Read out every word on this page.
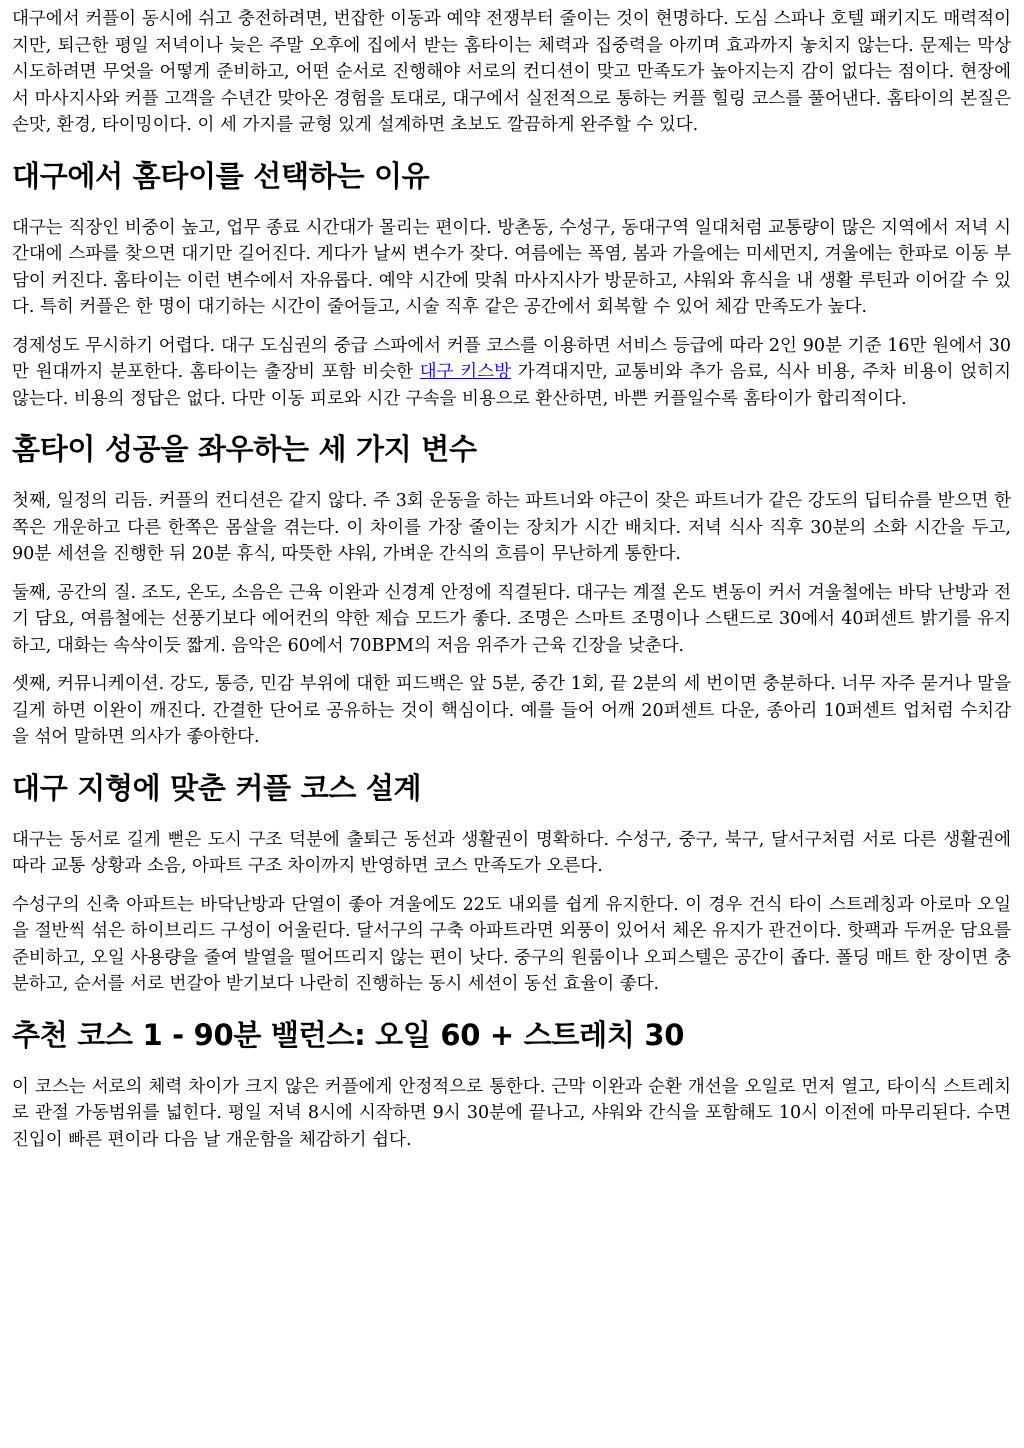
대구에서 커플이 동시에 쉬고 충전하려면, 번잡한 이동과 예약 전쟁부터 줄이는 것이 현명하다. 도심 스파나 호텔 패키지도 매력적이지만, 퇴근한 평일 저녁이나 늦은 주말 오후에 집에서 받는 홈타이는 체력과 집중력을 아끼며 효과까지 놓치지 않는다. 문제는 막상 시도하려면 무엇을 어떻게 준비하고, 어떤 순서로 진행해야 서로의 컨디션이 맞고 만족도가 높아지는지 감이 없다는 점이다. 현장에서 마사지사와 커플 고객을 수년간 맞아온 경험을 토대로, 대구에서 실전적으로 통하는 커플 힐링 코스를 풀어낸다. 홈타이의 본질은 손맛, 환경, 타이밍이다. 이 세 가지를 균형 있게 설계하면 초보도 깔끔하게 완주할 수 있다.

대구에서 홈타이를 선택하는 이유

대구는 직장인 비중이 높고, 업무 종료 시간대가 몰리는 편이다. 방촌동, 수성구, 동대구역 일대처럼 교통량이 많은 지역에서 저녁 시간대에 스파를 찾으면 대기만 길어진다. 게다가 날씨 변수가 잦다. 여름에는 폭염, 봄과 가을에는 미세먼지, 겨울에는 한파로 이동 부담이 커진다. 홈타이는 이런 변수에서 자유롭다. 예약 시간에 맞춰 마사지사가 방문하고, 샤워와 휴식을 내 생활 루틴과 이어갈 수 있다. 특히 커플은 한 명이 대기하는 시간이 줄어들고, 시술 직후 같은 공간에서 회복할 수 있어 체감 만족도가 높다.

경제성도 무시하기 어렵다. 대구 도심권의 중급 스파에서 커플 코스를 이용하면 서비스 등급에 따라 2인 90분 기준 16만 원에서 30만 원대까지 분포한다. 홈타이는 출장비 포함 비슷한 대구 키스방 가격대지만, 교통비와 추가 음료, 식사 비용, 주차 비용이 얹히지 않는다. 비용의 정답은 없다. 다만 이동 피로와 시간 구속을 비용으로 환산하면, 바쁜 커플일수록 홈타이가 합리적이다.

홈타이 성공을 좌우하는 세 가지 변수

첫째, 일정의 리듬. 커플의 컨디션은 같지 않다. 주 3회 운동을 하는 파트너와 야근이 잦은 파트너가 같은 강도의 딥티슈를 받으면 한쪽은 개운하고 다른 한쪽은 몸살을 겪는다. 이 차이를 가장 줄이는 장치가 시간 배치다. 저녁 식사 직후 30분의 소화 시간을 두고, 90분 세션을 진행한 뒤 20분 휴식, 따뜻한 샤워, 가벼운 간식의 흐름이 무난하게 통한다.

둘째, 공간의 질. 조도, 온도, 소음은 근육 이완과 신경계 안정에 직결된다. 대구는 계절 온도 변동이 커서 겨울철에는 바닥 난방과 전기 담요, 여름철에는 선풍기보다 에어컨의 약한 제습 모드가 좋다. 조명은 스마트 조명이나 스탠드로 30에서 40퍼센트 밝기를 유지하고, 대화는 속삭이듯 짧게. 음악은 60에서 70BPM의 저음 위주가 근육 긴장을 낮춘다.

셋째, 커뮤니케이션. 강도, 통증, 민감 부위에 대한 피드백은 앞 5분, 중간 1회, 끝 2분의 세 번이면 충분하다. 너무 자주 묻거나 말을 길게 하면 이완이 깨진다. 간결한 단어로 공유하는 것이 핵심이다. 예를 들어 어깨 20퍼센트 다운, 종아리 10퍼센트 업처럼 수치감을 섞어 말하면 의사가 좋아한다.

대구 지형에 맞춘 커플 코스 설계

대구는 동서로 길게 뻗은 도시 구조 덕분에 출퇴근 동선과 생활권이 명확하다. 수성구, 중구, 북구, 달서구처럼 서로 다른 생활권에 따라 교통 상황과 소음, 아파트 구조 차이까지 반영하면 코스 만족도가 오른다.

수성구의 신축 아파트는 바닥난방과 단열이 좋아 겨울에도 22도 내외를 쉽게 유지한다. 이 경우 건식 타이 스트레칭과 아로마 오일을 절반씩 섞은 하이브리드 구성이 어울린다. 달서구의 구축 아파트라면 외풍이 있어서 체온 유지가 관건이다. 핫팩과 두꺼운 담요를 준비하고, 오일 사용량을 줄여 발열을 떨어뜨리지 않는 편이 낫다. 중구의 원룸이나 오피스텔은 공간이 좁다. 폴딩 매트 한 장이면 충분하고, 순서를 서로 번갈아 받기보다 나란히 진행하는 동시 세션이 동선 효율이 좋다.

추천 코스 1 - 90분 밸런스: 오일 60 + 스트레치 30

이 코스는 서로의 체력 차이가 크지 않은 커플에게 안정적으로 통한다. 근막 이완과 순환 개선을 오일로 먼저 열고, 타이식 스트레치로 관절 가동범위를 넓힌다. 평일 저녁 8시에 시작하면 9시 30분에 끝나고, 샤워와 간식을 포함해도 10시 이전에 마무리된다. 수면 진입이 빠른 편이라 다음 날 개운함을 체감하기 쉽다.
